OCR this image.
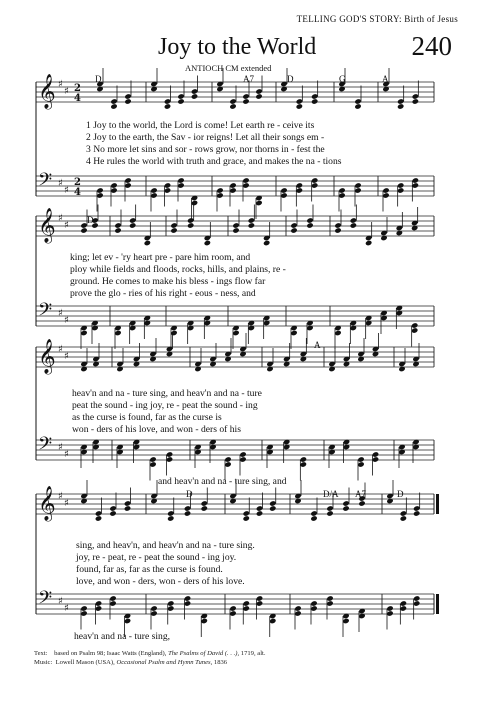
TELLING GOD'S STORY: Birth of Jesus
Joy to the World	240
ANTIOCH CM extended
𝄞 ♯
♯ 2
4
𝄢 ♯
♯
2
4
𝄞 ♯
♯
𝄢 ♯
♯
𝄞 ♯
♯
𝄢 ♯
♯
𝄞 ♯
♯
𝄢 ♯
♯
D	A7	D	G	A
1 Joy to the world, the Lord is come! Let earth re - ceive its
2 Joy to the earth, the Sav - ior reigns! Let all their songs em -
3 No more let sins and sor - rows grow, nor thorns in - fest the
4 He rules the world with truth and grace, and makes the na - tions
D
king; let ev - 'ry heart pre - pare him room, and
ploy while fields and floods, rocks, hills, and plains, re -
ground. He comes to make his bless - ings flow far
prove the glo - ries of his right - eous - ness, and
A
heav'n and na - ture sing, and heav'n and na - ture
peat the sound - ing joy, re - peat the sound - ing
as the curse is found, far as the curse is
won - ders of his love, and won - ders of his
and heav'n and na - ture sing, and
D	D/A A7	D
sing, and heav'n, and heav'n and na - ture sing.
joy, re - peat, re - peat the sound - ing joy.
found, far as, far as the curse is found.
love, and won - ders, won - ders of his love.
heav'n and na - ture sing,
Text: based on Psalm 98; Isaac Watts (England), The Psalms of David (. . .), 1719, alt.
Music: Lowell Mason (USA), Occasional Psalm and Hymn Tunes, 1836
